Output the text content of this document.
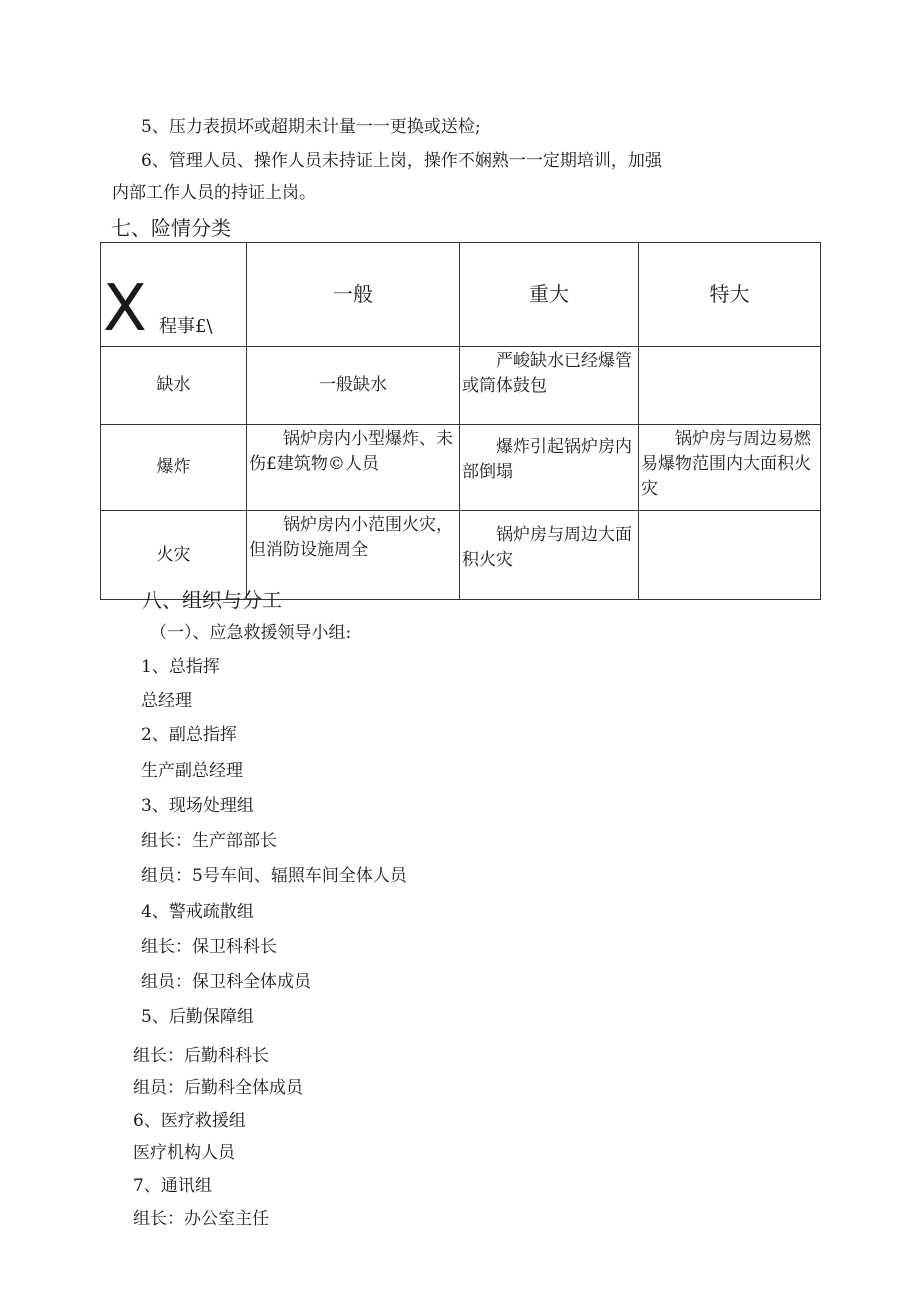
5、压力表损坏或超期未计量一一更换或送检;
6、管理人员、操作人员未持证上岗，操作不娴熟一一定期培训，加强
内部工作人员的持证上岗。
七、险情分类
X 程事£\	一般	重大	特大
缺水	一般缺水	严峻缺水已经爆管或筒体鼓包	

爆炸	锅炉房内小型爆炸、未伤£建筑物©人员	爆炸引起锅炉房内部倒塌	锅炉房与周边易燃易爆物范围内大面积火灾

火灾	锅炉房内小范围火灾，但消防设施周全	锅炉房与周边大面积火灾	

八、组织与分工
（一）、应急救援领导小组:
1、总指挥
总经理
2、副总指挥
生产副总经理
3、现场处理组
组长：生产部部长
组员：5号车间、辐照车间全体人员
4、警戒疏散组
组长：保卫科科长
组员：保卫科全体成员
5、后勤保障组
组长：后勤科科长
组员：后勤科全体成员
6、医疗救援组
医疗机构人员
7、通讯组
组长：办公室主任
